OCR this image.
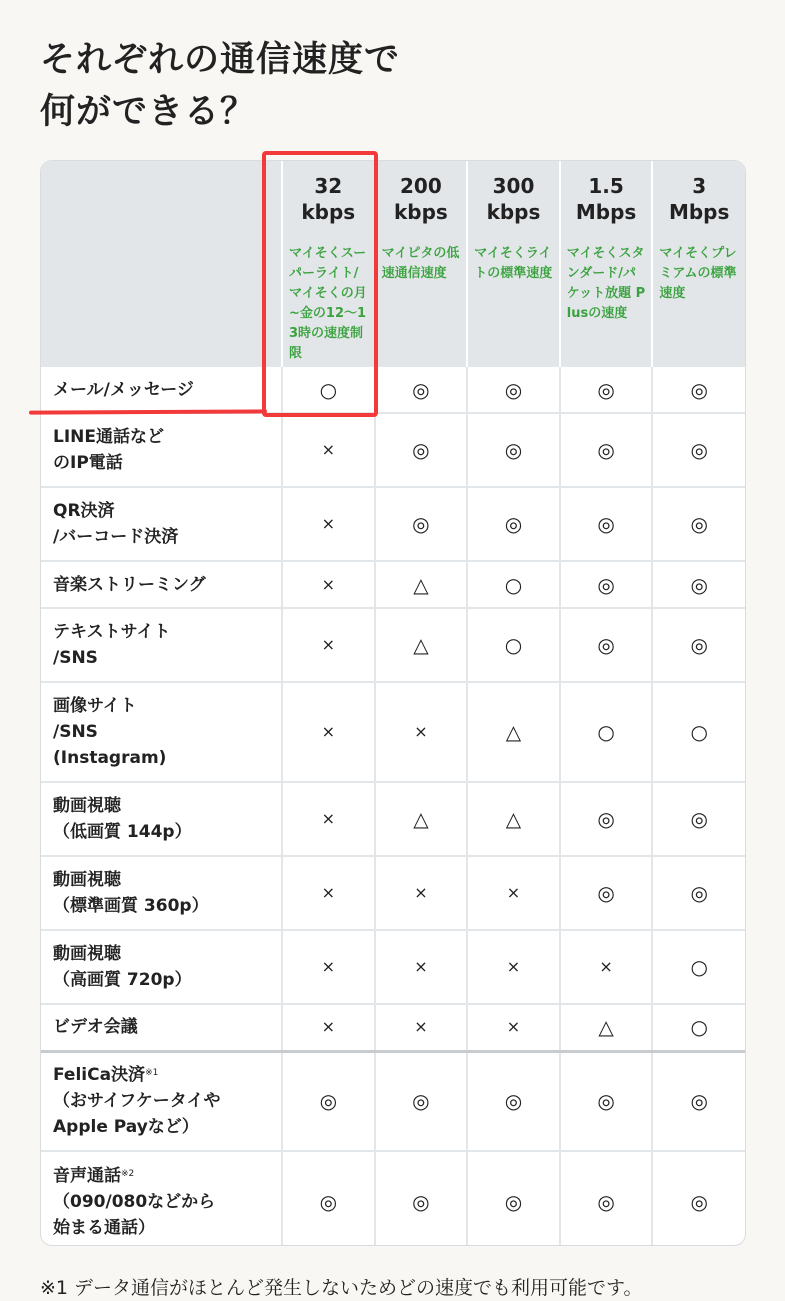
それぞれの通信速度で
何ができる？

	32
kbps
マイそくスーパーライト/マイそくの月~金の12〜13時の速度制限	200
kbps
マイピタの低速通信速度	300
kbps
マイそくライトの標準速度	1.5
Mbps
マイそくスタンダード/パケット放題 Plusの速度	3
Mbps
マイそくプレミアムの標準速度

メール/メッセージ	○	◎	◎	◎	◎
LINE通話など
のIP電話	×	◎	◎	◎	◎
QR決済
/バーコード決済	×	◎	◎	◎	◎
音楽ストリーミング	×	△	○	◎	◎
テキストサイト
/SNS	×	△	○	◎	◎
画像サイト
/SNS
(Instagram)	×	×	△	○	○
動画視聴
（低画質 144p）	×	△	△	◎	◎
動画視聴
（標準画質 360p）	×	×	×	◎	◎
動画視聴
（高画質 720p）	×	×	×	×	○
ビデオ会議	×	×	×	△	○
FeliCa決済$^{※1}$
（おサイフケータイや
Apple Payなど）	◎	◎	◎	◎	◎
音声通話$^{※2}$
（090/080などから
始まる通話）	◎	◎	◎	◎	◎

※1 データ通信がほとんど発生しないためどの速度でも利用可能です。
